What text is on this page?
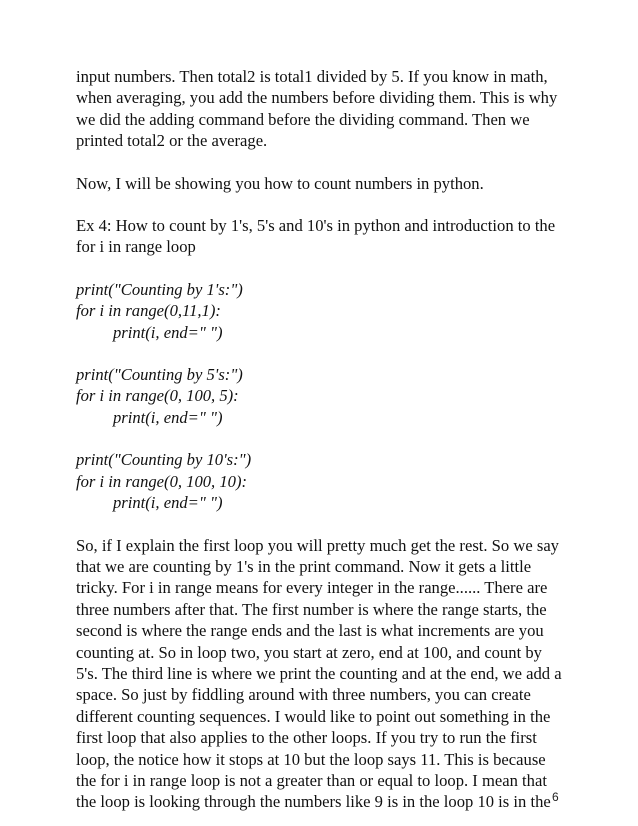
input numbers. Then total2 is total1 divided by 5. If you know in math, when averaging, you add the numbers before dividing them. This is why we did the adding command before the dividing command. Then we printed total2 or the average.

Now, I will be showing you how to count numbers in python.

Ex 4: How to count by 1's, 5's and 10's in python and introduction to the for i in range loop

print("Counting by 1's:")
for i in range(0,11,1):
print(i, end=" ")
print("Counting by 5's:")
for i in range(0, 100, 5):
print(i, end=" ")
print("Counting by 10's:")
for i in range(0, 100, 10):
print(i, end=" ")

So, if I explain the first loop you will pretty much get the rest. So we say that we are counting by 1's in the print command. Now it gets a little tricky. For i in range means for every integer in the range...... There are three numbers after that. The first number is where the range starts, the second is where the range ends and the last is what increments are you counting at. So in loop two, you start at zero, end at 100, and count by 5's. The third line is where we print the counting and at the end, we add a space. So just by fiddling around with three numbers, you can create different counting sequences. I would like to point out something in the first loop that also applies to the other loops. If you try to run the first loop, the notice how it stops at 10 but the loop says 11. This is because the for i in range loop is not a greater than or equal to loop. I mean that the loop is looking through the numbers like 9 is in the loop 10 is in the 6
